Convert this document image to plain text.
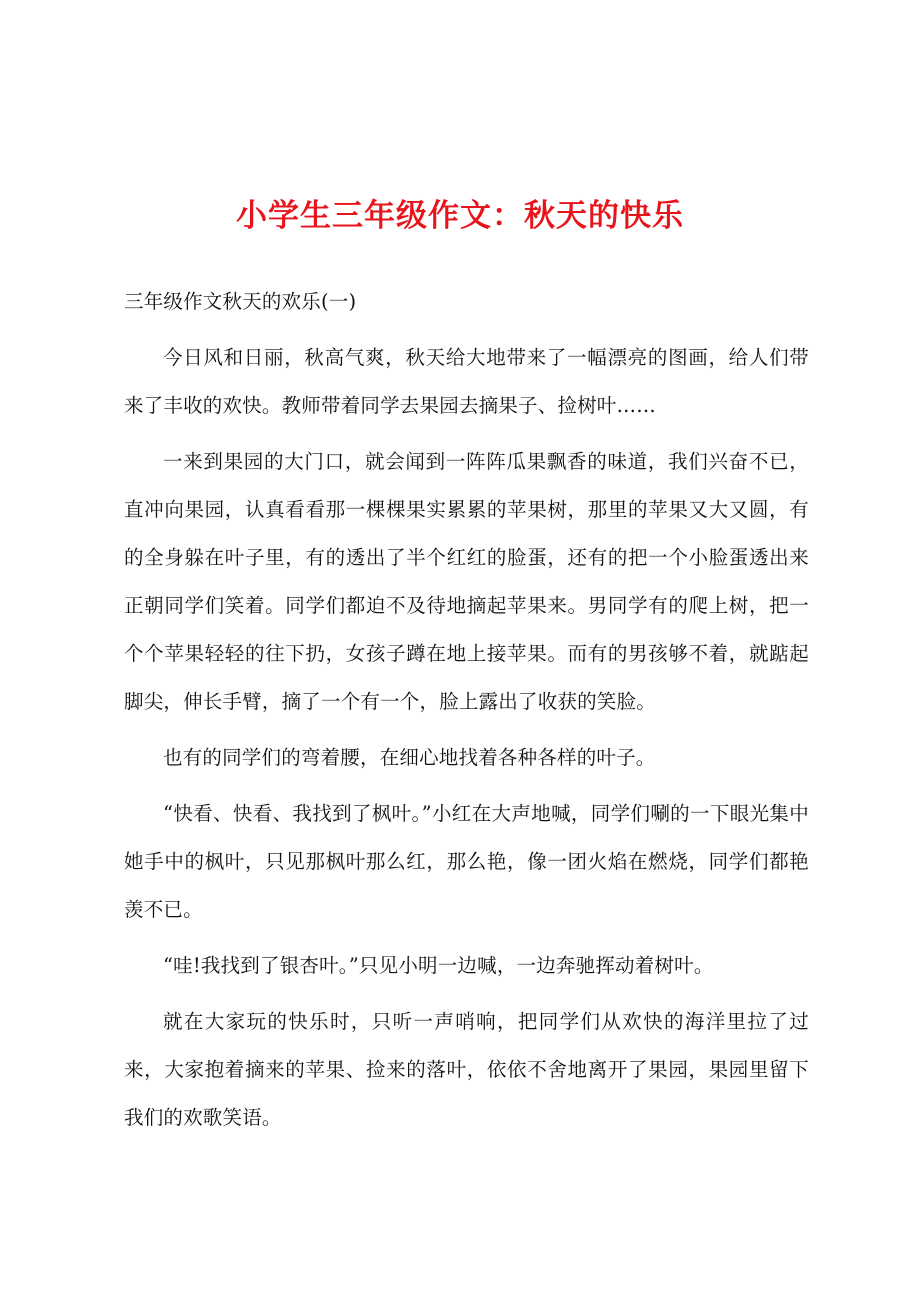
小学生三年级作文：秋天的快乐

三年级作文秋天的欢乐(一)

今日风和日丽，秋高气爽，秋天给大地带来了一幅漂亮的图画，给人们带来了丰收的欢快。教师带着同学去果园去摘果子、捡树叶……

一来到果园的大门口，就会闻到一阵阵瓜果飘香的味道，我们兴奋不已，直冲向果园，认真看看那一棵棵果实累累的苹果树，那里的苹果又大又圆，有的全身躲在叶子里，有的透出了半个红红的脸蛋，还有的把一个小脸蛋透出来正朝同学们笑着。同学们都迫不及待地摘起苹果来。男同学有的爬上树，把一个个苹果轻轻的往下扔，女孩子蹲在地上接苹果。而有的男孩够不着，就踮起脚尖，伸长手臂，摘了一个有一个，脸上露出了收获的笑脸。

也有的同学们的弯着腰，在细心地找着各种各样的叶子。

“快看、快看、我找到了枫叶。”小红在大声地喊，同学们唰的一下眼光集中她手中的枫叶，只见那枫叶那么红，那么艳，像一团火焰在燃烧，同学们都艳羡不已。

“哇!我找到了银杏叶。”只见小明一边喊，一边奔驰挥动着树叶。

就在大家玩的快乐时，只听一声哨响，把同学们从欢快的海洋里拉了过来，大家抱着摘来的苹果、捡来的落叶，依依不舍地离开了果园，果园里留下我们的欢歌笑语。
